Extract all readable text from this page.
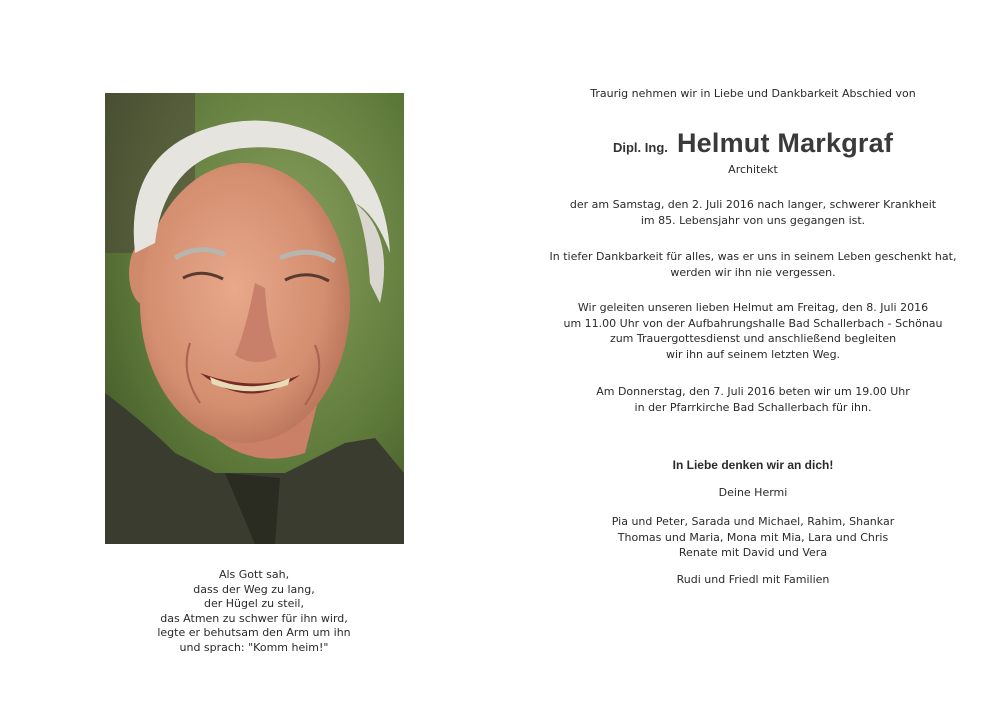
Als Gott sah,
dass der Weg zu lang,
der Hügel zu steil,
das Atmen zu schwer für ihn wird,
legte er behutsam den Arm um ihn
und sprach: "Komm heim!"
Traurig nehmen wir in Liebe und Dankbarkeit Abschied von
Dipl. Ing. Helmut Markgraf
Architekt
der am Samstag, den 2. Juli 2016 nach langer, schwerer Krankheit
im 85. Lebensjahr von uns gegangen ist.
In tiefer Dankbarkeit für alles, was er uns in seinem Leben geschenkt hat,
werden wir ihn nie vergessen.
Wir geleiten unseren lieben Helmut am Freitag, den 8. Juli 2016
um 11.00 Uhr von der Aufbahrungshalle Bad Schallerbach - Schönau
zum Trauergottesdienst und anschließend begleiten
wir ihn auf seinem letzten Weg.
Am Donnerstag, den 7. Juli 2016 beten wir um 19.00 Uhr
in der Pfarrkirche Bad Schallerbach für ihn.
In Liebe denken wir an dich!
Deine Hermi
Pia und Peter, Sarada und Michael, Rahim, Shankar
Thomas und Maria, Mona mit Mia, Lara und Chris
Renate mit David und Vera
Rudi und Friedl mit Familien
